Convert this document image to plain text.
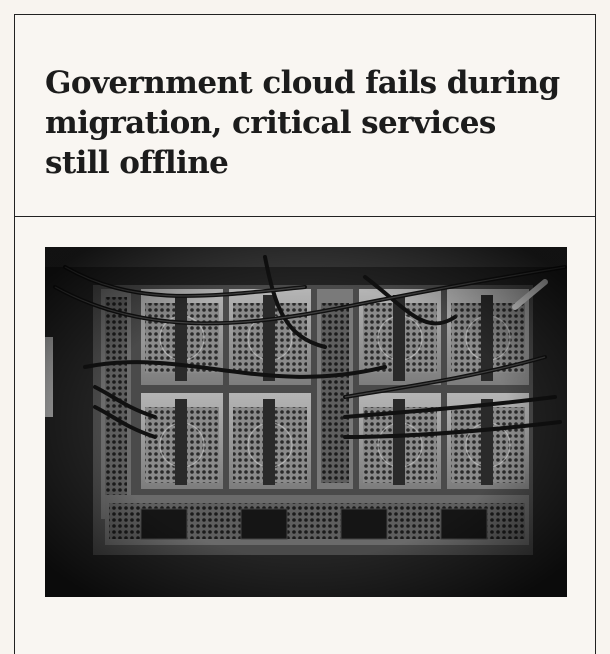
Government cloud fails during migration, critical services still offline
